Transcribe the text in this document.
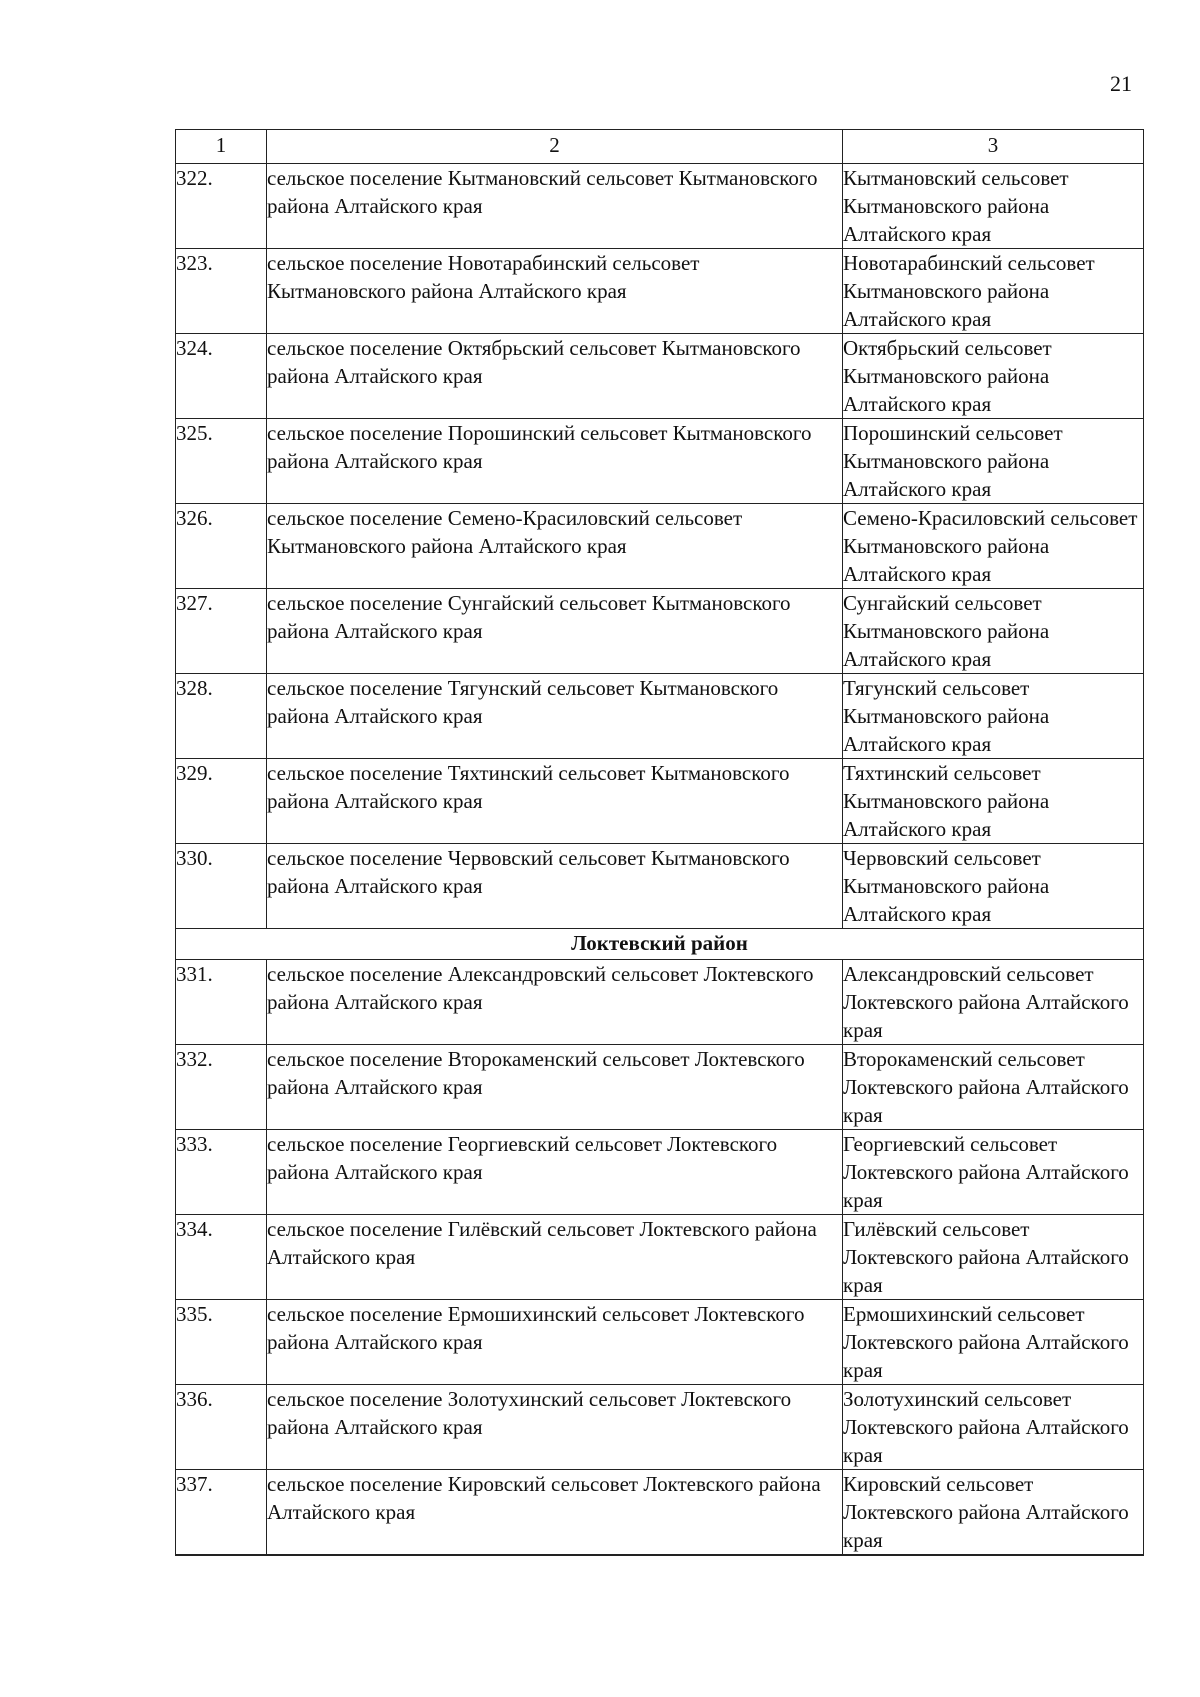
21
1	2	3
322.	сельское поселение Кытмановский сельсовет Кытмановского района Алтайского края	Кытмановский сельсовет Кытмановского района Алтайского края
323.	сельское поселение Новотарабинский сельсовет Кытмановского района Алтайского края	Новотарабинский сельсовет Кытмановского района Алтайского края
324.	сельское поселение Октябрьский сельсовет Кытмановского района Алтайского края	Октябрьский сельсовет Кытмановского района Алтайского края
325.	сельское поселение Порошинский сельсовет Кытмановского района Алтайского края	Порошинский сельсовет Кытмановского района Алтайского края
326.	сельское поселение Семено-Красиловский сельсовет Кытмановского района Алтайского края	Семено-Красиловский сельсовет Кытмановского района Алтайского края
327.	сельское поселение Сунгайский сельсовет Кытмановского района Алтайского края	Сунгайский сельсовет Кытмановского района Алтайского края
328.	сельское поселение Тягунский сельсовет Кытмановского района Алтайского края	Тягунский сельсовет Кытмановского района Алтайского края
329.	сельское поселение Тяхтинский сельсовет Кытмановского района Алтайского края	Тяхтинский сельсовет Кытмановского района Алтайского края
330.	сельское поселение Червовский сельсовет Кытмановского района Алтайского края	Червовский сельсовет Кытмановского района Алтайского края
Локтевский район		
331.	сельское поселение Александровский сельсовет Локтевского района Алтайского края	Александровский сельсовет Локтевского района Алтайского края
332.	сельское поселение Второкаменский сельсовет Локтевского района Алтайского края	Второкаменский сельсовет Локтевского района Алтайского края
333.	сельское поселение Георгиевский сельсовет Локтевского района Алтайского края	Георгиевский сельсовет Локтевского района Алтайского края
334.	сельское поселение Гилёвский сельсовет Локтевского района Алтайского края	Гилёвский сельсовет Локтевского района Алтайского края
335.	сельское поселение Ермошихинский сельсовет Локтевского района Алтайского края	Ермошихинский сельсовет Локтевского района Алтайского края
336.	сельское поселение Золотухинский сельсовет Локтевского района Алтайского края	Золотухинский сельсовет Локтевского района Алтайского края
337.	сельское поселение Кировский сельсовет Локтевского района Алтайского края	Кировский сельсовет Локтевского района Алтайского края
